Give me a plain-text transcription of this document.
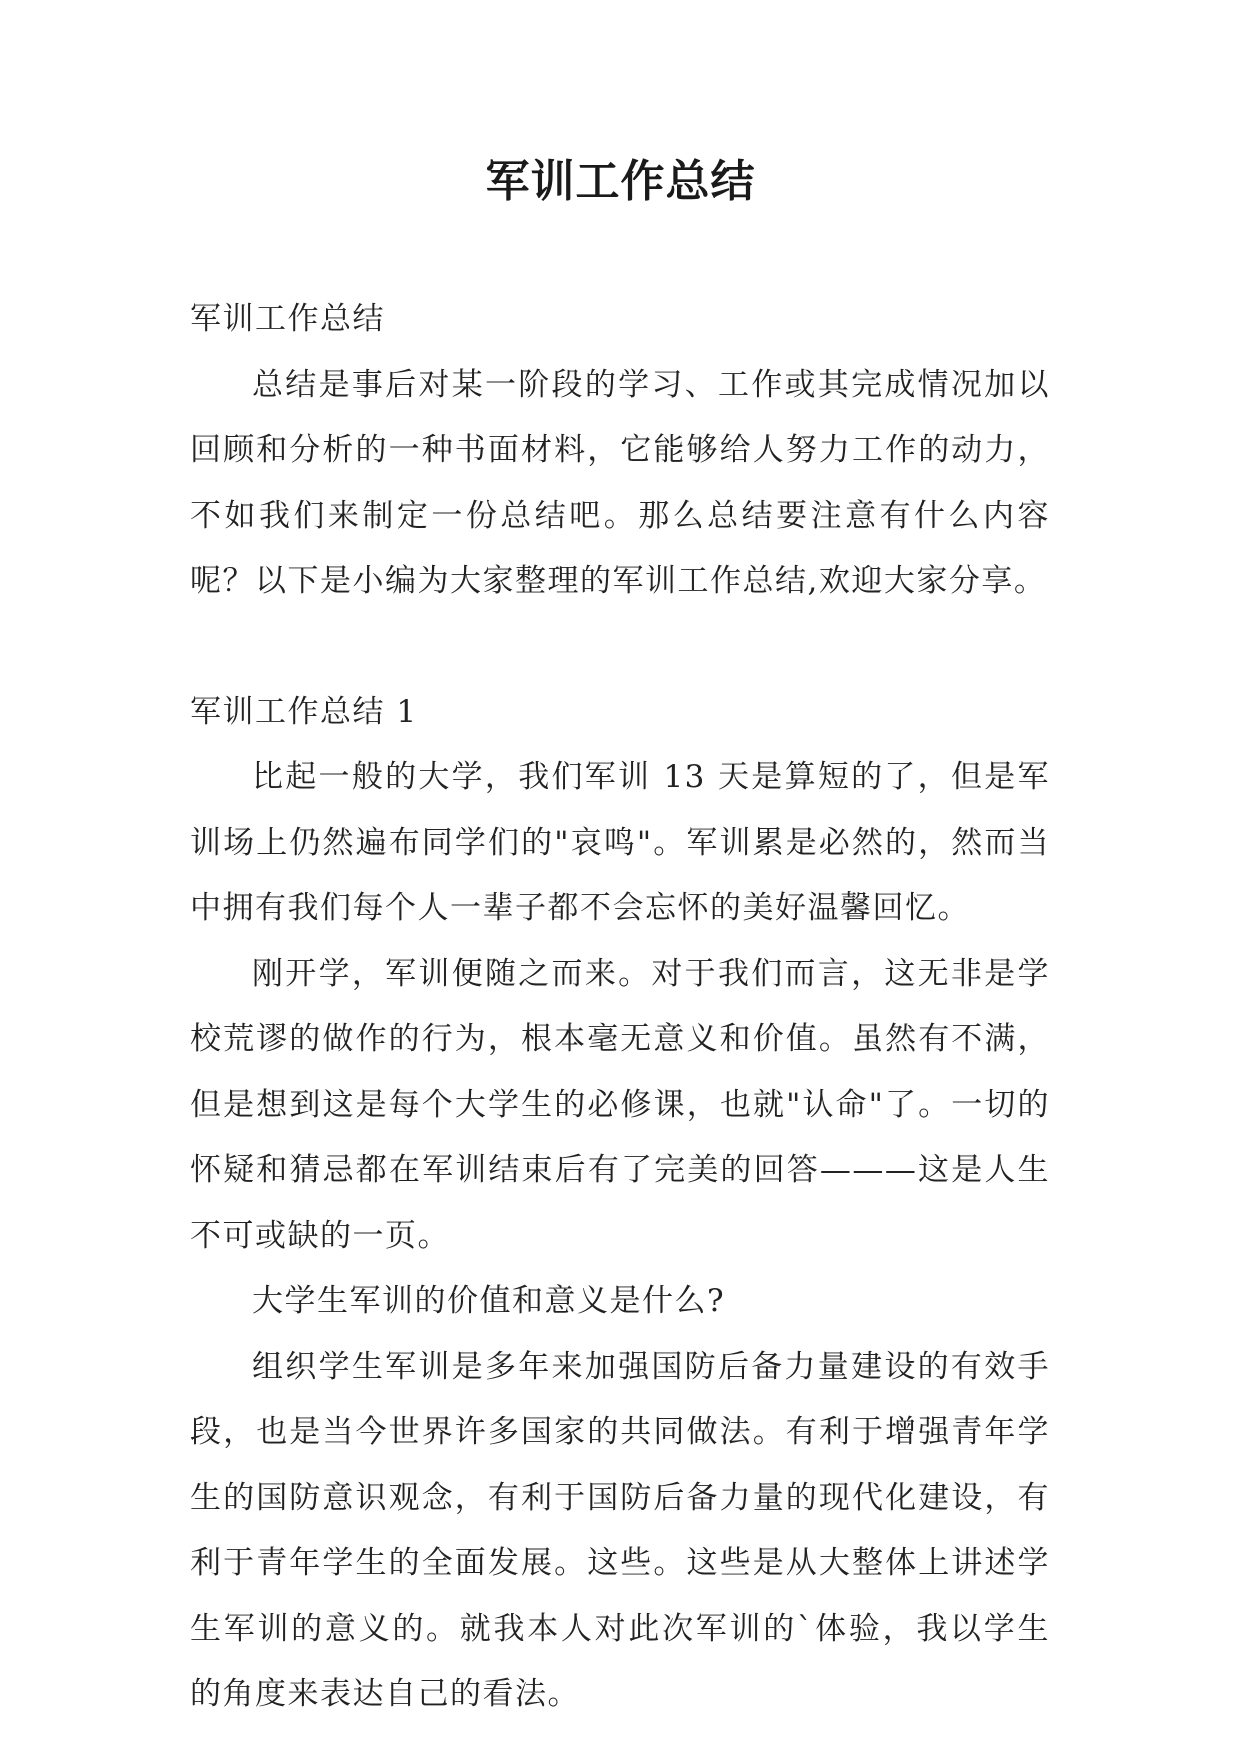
军训工作总结

军训工作总结

总结是事后对某一阶段的学习、工作或其完成情况加以回顾和分析的一种书面材料，它能够给人努力工作的动力，不如我们来制定一份总结吧。那么总结要注意有什么内容呢？以下是小编为大家整理的军训工作总结,欢迎大家分享。

军训工作总结 1

比起一般的大学，我们军训 13 天是算短的了，但是军训场上仍然遍布同学们的"哀鸣"。军训累是必然的，然而当中拥有我们每个人一辈子都不会忘怀的美好温馨回忆。

刚开学，军训便随之而来。对于我们而言，这无非是学校荒谬的做作的行为，根本毫无意义和价值。虽然有不满，但是想到这是每个大学生的必修课，也就"认命"了。一切的怀疑和猜忌都在军训结束后有了完美的回答———这是人生不可或缺的一页。

大学生军训的价值和意义是什么?

组织学生军训是多年来加强国防后备力量建设的有效手段，也是当今世界许多国家的共同做法。有利于增强青年学生的国防意识观念，有利于国防后备力量的现代化建设，有利于青年学生的全面发展。这些。这些是从大整体上讲述学生军训的意义的。就我本人对此次军训的`体验，我以学生的角度来表达自己的看法。
